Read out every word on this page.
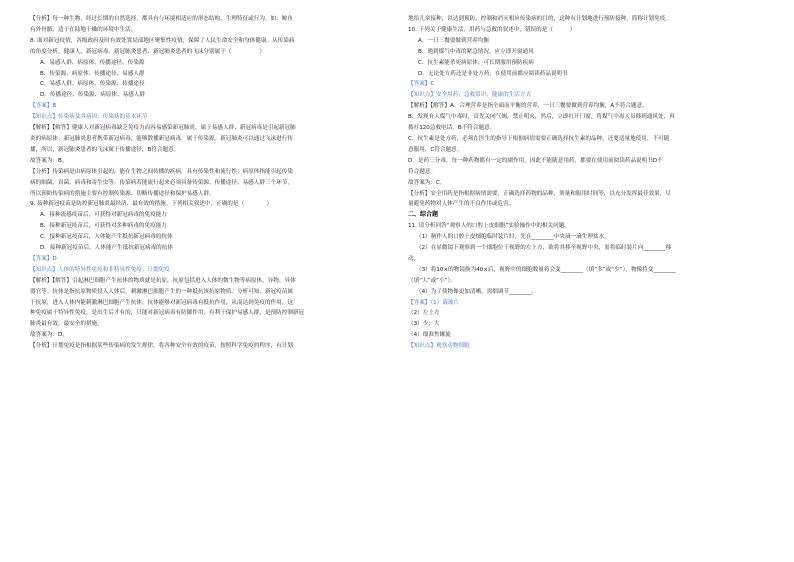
【分析】每一种生物，经过长期的自然选择，都具有与环境相适应的形态结构、生理特征或行为，如：鲸鱼
有外骨骼，适于在陆地干燥的环境中生活。
8. 面对新冠疫情，各级政府及时有效处置局部地区聚集性疫情，保障了人民生命安全和身体健康。从传染病
的角度分析，健康人、新冠病毒、新冠肺炎患者、新冠肺炎患者的飞沫分别属于（　　　　　）
A．易感人群、病原体、传播途径、传染源
B．传染源、病原体、传播途径、易感人群
C．易感人群、病原体、传染源、传播途径
D．传播途径、传染源、病原体、易感人群
【答案】B
【知识点】传染病及其病因；传染病的基本环节
【解析】【解答】健康人对新冠病毒缺乏免疫力而容易感染新冠肺炎，属于易感人群；新冠病毒是引起新冠肺
炎的病原体；新冠肺炎患者携带新冠病毒，能够散播新冠病毒，属于传染源；新冠肺炎可以通过飞沫进行传
播，所以，新冠肺炎患者的飞沫属于传播途径，B符合题意。
故答案为：B。
【分析】传染病是由病原体引起的，能在生物之间传播的疾病，具有传染性和流行性；病原体指能引起传染
病的细菌、真菌、病毒和寄生虫等。传染病若能流行起来必须具备传染源、传播途径、易感人群三个环节，
所以预防传染病的措施主要有控制传染源、切断传播途径和保护易感人群。
9. 接种新冠疫苗是防控新冠肺炎最经济、最有效的措施。下列相关叙述中，正确的是（　　　　）
A．接种流感疫苗后，可获得对新冠病毒的免疫能力
B．接种新冠疫苗后，可获得对多种病毒的免疫能力
C．接种新冠疫苗后，人体能产生抵抗新冠病毒的抗体
D．接种新冠疫苗后，人体能产生抵抗新冠病毒的抗体
【答案】D
【知识点】人体的特异性免疫和非特异性免疫；计划免疫
【解析】【解答】引起淋巴细胞产生抗体的物质就是抗原，抗原包括进入人体的微生物等病原体、异物、异体
器官等。抗体是指抗原物质侵入人体后，刺激淋巴细胞产生的一种抵抗该抗原物质。分析可知，新冠疫苗属
于抗原，进入人体内能刺激淋巴细胞产生抗体，抗体能够对新冠病毒有抵抗作用，从而达到免疫的作用，这
种免疫属于特异性免疫，是出生后才有的，只能对新冠病毒有防御作用，有利于保护易感人群，是预防控制新冠
肺炎最有效，最安全的措施。
故答案为：D。
【分析】计划免疫是指根据某些传染病的发生规律，将各种安全有效的疫苗，按照科学免疫的程序，有计划
地给儿童接种，以达到预防、控制和消灭相应传染病的目的，这种有计划地进行预防接种，简称计划免疫。
10. 下列关于健康生活、用药与急救的叙述中，错误的是（　　　）
A．一日三餐要做到营养均衡
B．遇到煤气中毒的紧急情况，应立即开窗通风
C．抗生素能杀死病原体，可长期服用预防疾病
D．无论处方药还是非处方药，在使用前都应阅读药品说明书
【答案】C
【知识点】安全用药；急救常识；健康的生活方式
【解析】【解答】A．合理营养是指全面而平衡的营养，一日三餐要做到营养均衡，A不符合题意。
B．发现有人煤气中毒时，首先关闭气阀，禁止明火，然后，立即打开门窗，将煤气中毒人员移到通风处，再
拨打120急救电话，B不符合题意。
C．抗生素是处方药，必须在医生的指导下根据病情需要正确选择抗生素的品种，还要适量地使用，不可随
意服用，C符合题意。
D．是药三分毒，每一种药物都有一定的副作用，因此不能随意用药，都要在使用前阅读药品说明书D不
符合题意。
故答案为：C。
【分析】安全用药是指根据病情需要，正确选择药物的品种、剂量和服用时间等，以充分发挥最佳效果，尽
量避免药物对人体产生的不良作用或危害。
二、综合题
11. 请分析回答“观察人的口腔上皮细胞”实验操作中的相关问题。
（1）制作人的口腔上皮细胞临时装片时，先在________中央滴一滴生理盐水。
（2）在显微镜下观察到一个细胞位于视野的左上方，欲将其移至视野中央，需将临时装片向________移
动。
（3）将10×的物镜换为40×后，视野中的细胞数量将会变________（填“多”或“少”），物像将变________
（填“大”或“小”）。
（4）为了使物像更加清晰，需细调节________。
【答案】（1）载玻片
（2）左上方
（3）少；大
（4）细准焦螺旋
【知识点】观察动物细胞
